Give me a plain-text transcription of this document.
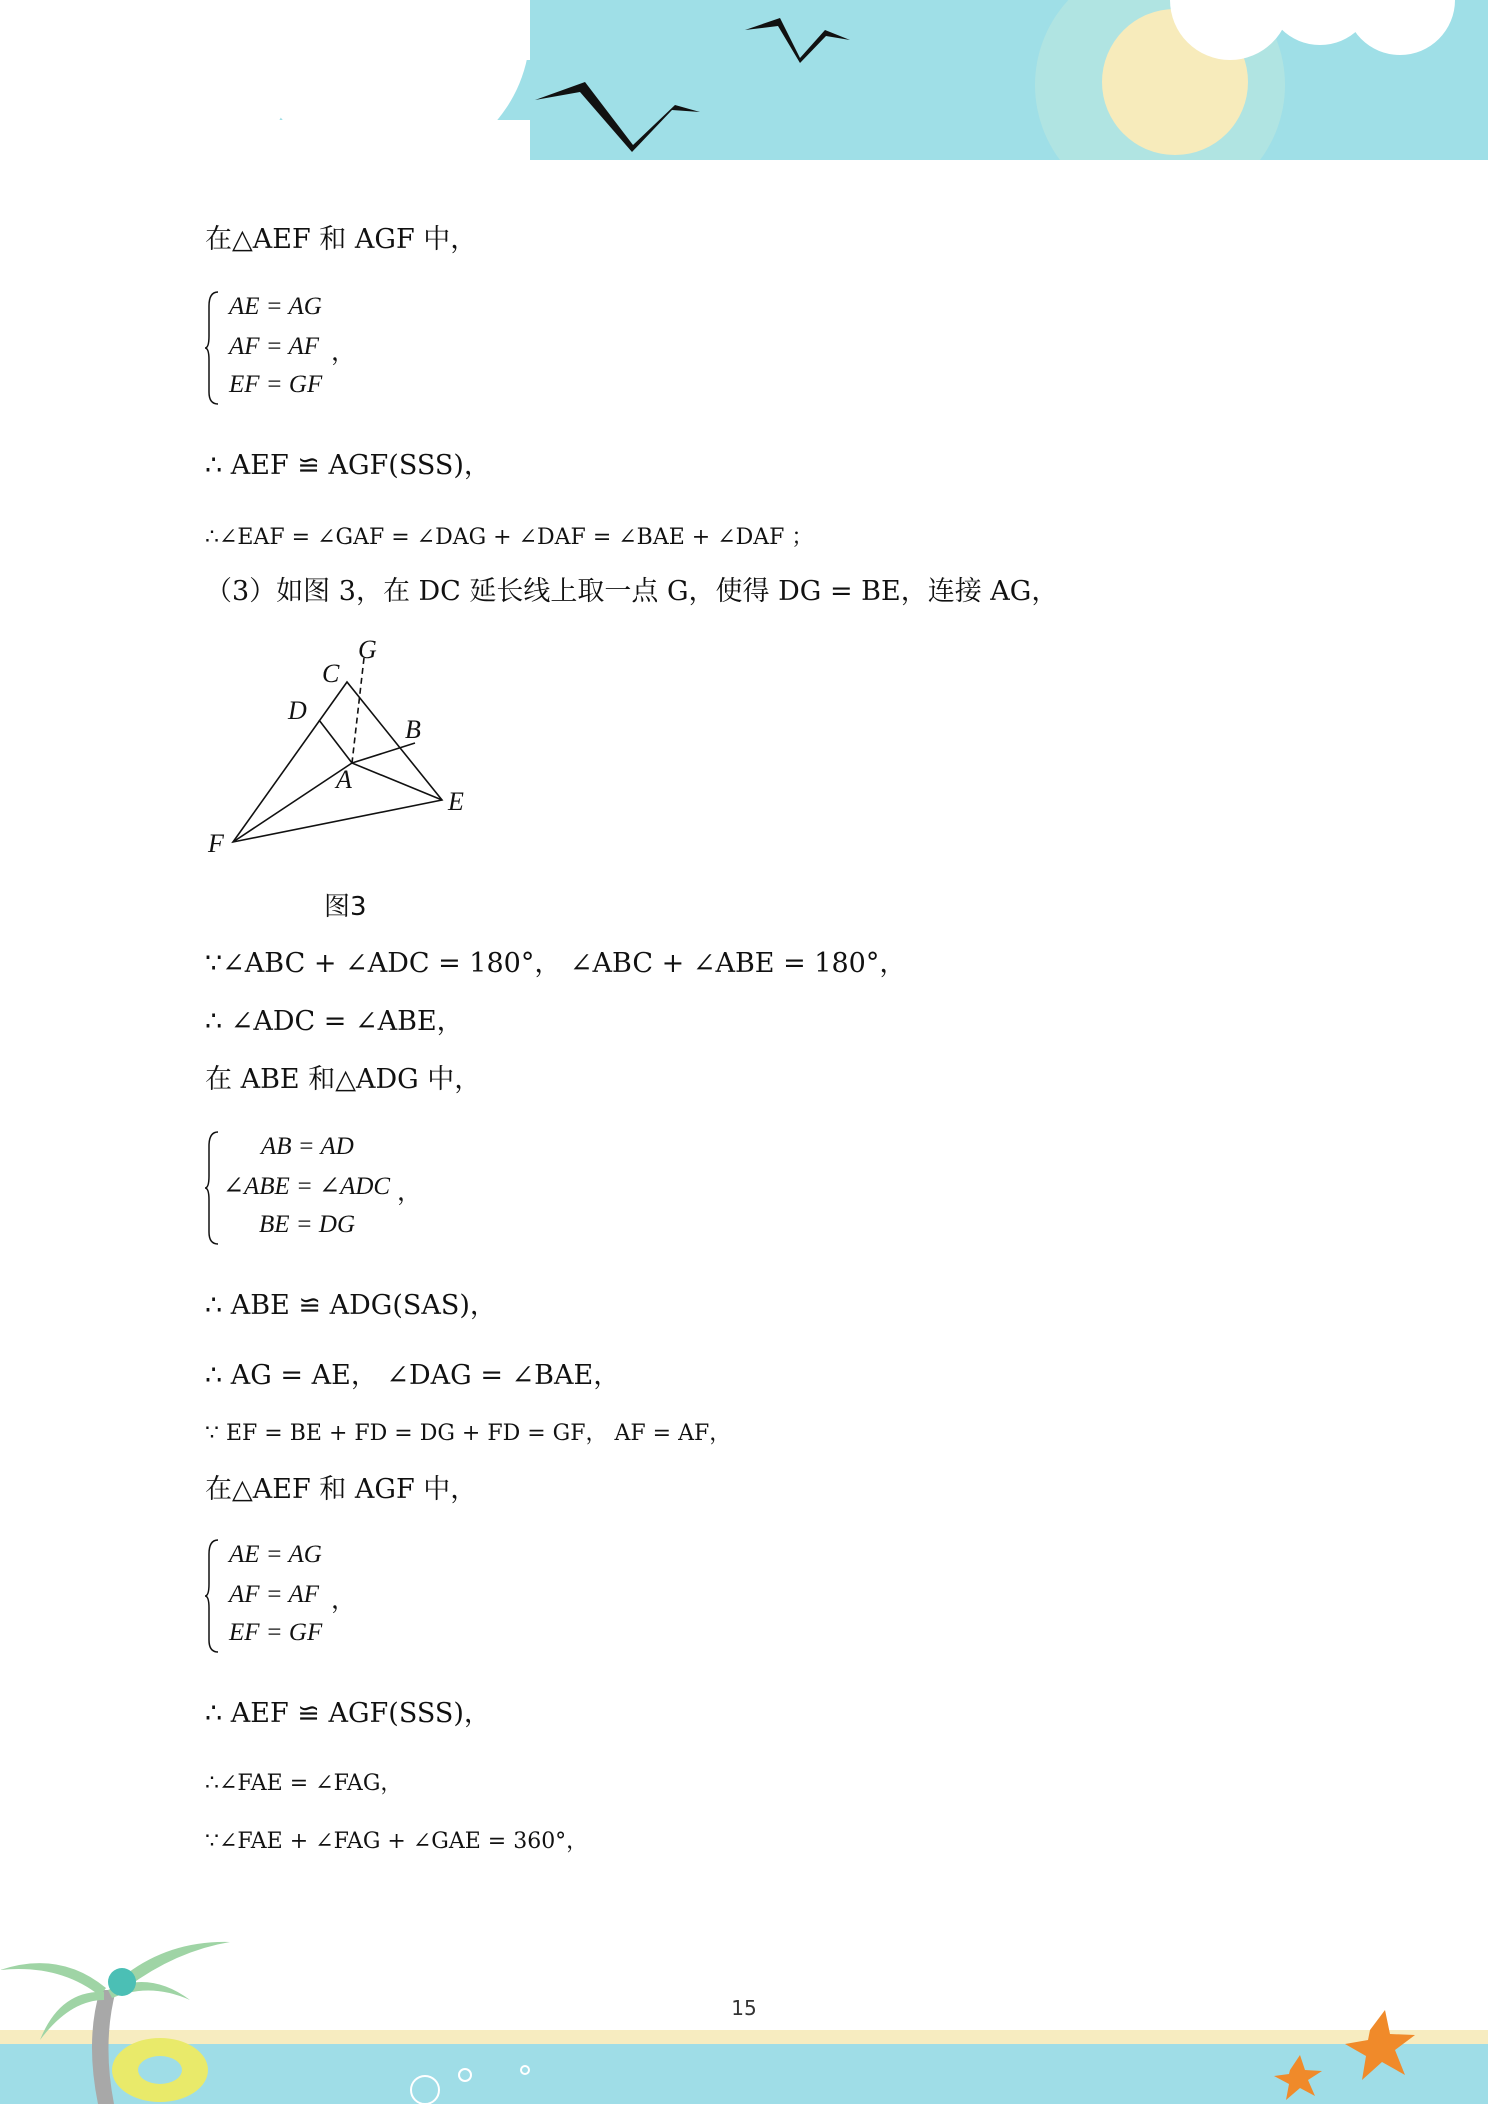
在△AEF 和 AGF 中，
AE = AG
AF = AF
EF = GF
，
∴ AEF ≌ AGF(SSS)，
∴∠EAF = ∠GAF = ∠DAG + ∠DAF = ∠BAE + ∠DAF ；
（3）如图 3，在 DC 延长线上取一点 G，使得 DG = BE，连接 AG，
∵∠ABC + ∠ADC = 180°， ∠ABC + ∠ABE = 180°，
∴ ∠ADC = ∠ABE，
在 ABE 和△ADG 中，
AB = AD
∠ABE = ∠ADC
BE = DG
，
∴ ABE ≌ ADG(SAS)，
∴ AG = AE， ∠DAG = ∠BAE，
∵ EF = BE + FD = DG + FD = GF， AF = AF，
在△AEF 和 AGF 中，
AE = AG
AF = AF
EF = GF
，
∴ AEF ≌ AGF(SSS)，
∴∠FAE = ∠FAG，
∵∠FAE + ∠FAG + ∠GAE = 360°，
G
C
D
B
A
E
F
图3
15
